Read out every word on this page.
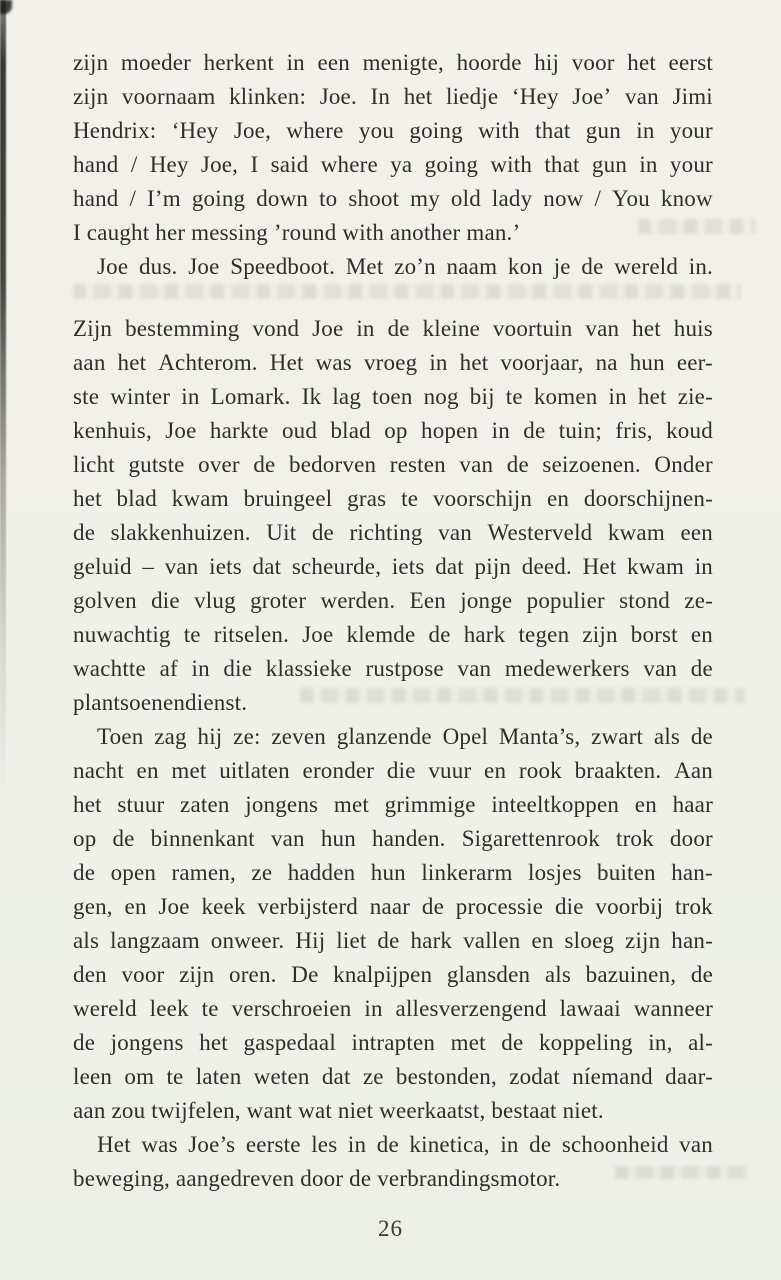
zijn moeder herkent in een menigte, hoorde hij voor het eerst
zijn voornaam klinken: Joe. In het liedje ‘Hey Joe’ van Jimi
Hendrix: ‘Hey Joe, where you going with that gun in your
hand / Hey Joe, I said where ya going with that gun in your
hand / I’m going down to shoot my old lady now / You know
I caught her messing ’round with another man.’
Joe dus. Joe Speedboot. Met zo’n naam kon je de wereld in.
Zijn bestemming vond Joe in de kleine voortuin van het huis
aan het Achterom. Het was vroeg in het voorjaar, na hun eer-
ste winter in Lomark. Ik lag toen nog bij te komen in het zie-
kenhuis, Joe harkte oud blad op hopen in de tuin; fris, koud
licht gutste over de bedorven resten van de seizoenen. Onder
het blad kwam bruingeel gras te voorschijn en doorschijnen-
de slakkenhuizen. Uit de richting van Westerveld kwam een
geluid – van iets dat scheurde, iets dat pijn deed. Het kwam in
golven die vlug groter werden. Een jonge populier stond ze-
nuwachtig te ritselen. Joe klemde de hark tegen zijn borst en
wachtte af in die klassieke rustpose van medewerkers van de
plantsoenendienst.
Toen zag hij ze: zeven glanzende Opel Manta’s, zwart als de
nacht en met uitlaten eronder die vuur en rook braakten. Aan
het stuur zaten jongens met grimmige inteeltkoppen en haar
op de binnenkant van hun handen. Sigarettenrook trok door
de open ramen, ze hadden hun linkerarm losjes buiten han-
gen, en Joe keek verbijsterd naar de processie die voorbij trok
als langzaam onweer. Hij liet de hark vallen en sloeg zijn han-
den voor zijn oren. De knalpijpen glansden als bazuinen, de
wereld leek te verschroeien in allesverzengend lawaai wanneer
de jongens het gaspedaal intrapten met de koppeling in, al-
leen om te laten weten dat ze bestonden, zodat níemand daar-
aan zou twijfelen, want wat niet weerkaatst, bestaat niet.
Het was Joe’s eerste les in de kinetica, in de schoonheid van
beweging, aangedreven door de verbrandingsmotor.
26
